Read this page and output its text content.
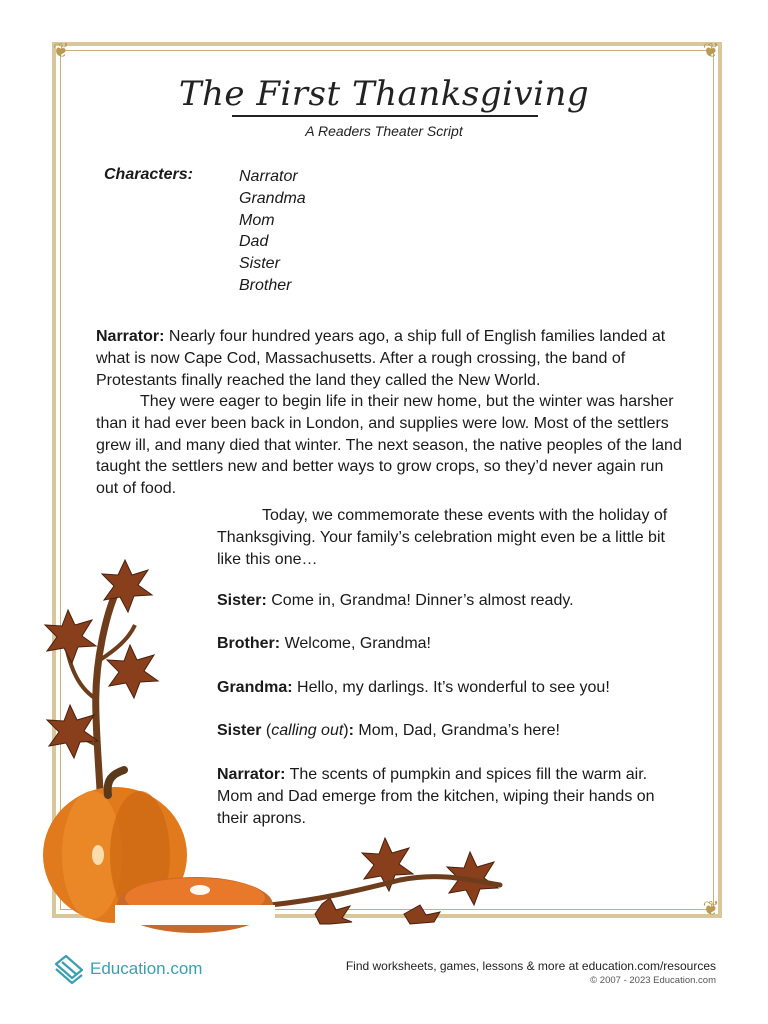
❦	❦
❦
The First Thanksgiving
A Readers Theater Script
Characters:	Narrator
Grandma
Mom
Dad
Sister
Brother
Narrator: Nearly four hundred years ago, a ship full of English families landed at what is now Cape Cod, Massachusetts. After a rough crossing, the band of Protestants finally reached the land they called the New World.
They were eager to begin life in their new home, but the winter was harsher than it had ever been back in London, and supplies were low. Most of the settlers grew ill, and many died that winter. The next season, the native peoples of the land taught the settlers new and better ways to grow crops, so they’d never again run out of food.
Today, we commemorate these events with the holiday of Thanksgiving. Your family’s celebration might even be a little bit like this one…
Sister: Come in, Grandma! Dinner’s almost ready.
Brother: Welcome, Grandma!
Grandma: Hello, my darlings. It’s wonderful to see you!
Sister (calling out): Mom, Dad, Grandma’s here!
Narrator: The scents of pumpkin and spices fill the warm air. Mom and Dad emerge from the kitchen, wiping their hands on their aprons.
Education.com	Find worksheets, games, lessons & more at education.com/resources
© 2007 - 2023 Education.com
